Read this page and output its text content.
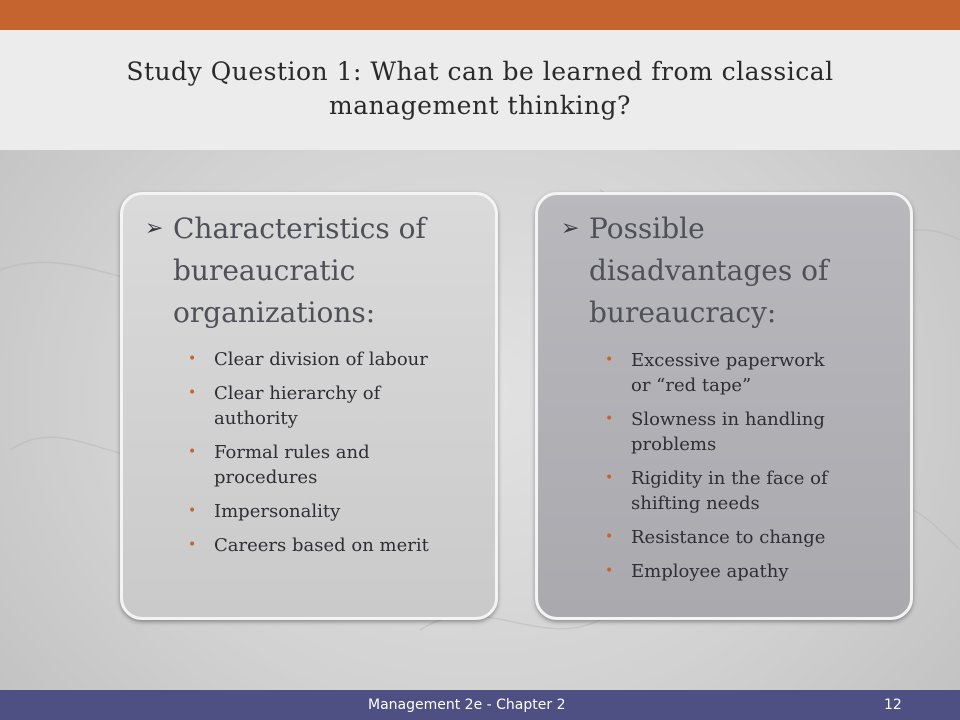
Study Question 1: What can be learned from classical
management thinking?
➢ Characteristics of
bureaucratic
organizations:
• Clear division of labour
• Clear hierarchy of
authority
• Formal rules and
procedures
• Impersonality
• Careers based on merit
➢ Possible
disadvantages of
bureaucracy:
• Excessive paperwork
or “red tape”
• Slowness in handling
problems
• Rigidity in the face of
shifting needs
• Resistance to change
• Employee apathy
Management 2e - Chapter 2	12
